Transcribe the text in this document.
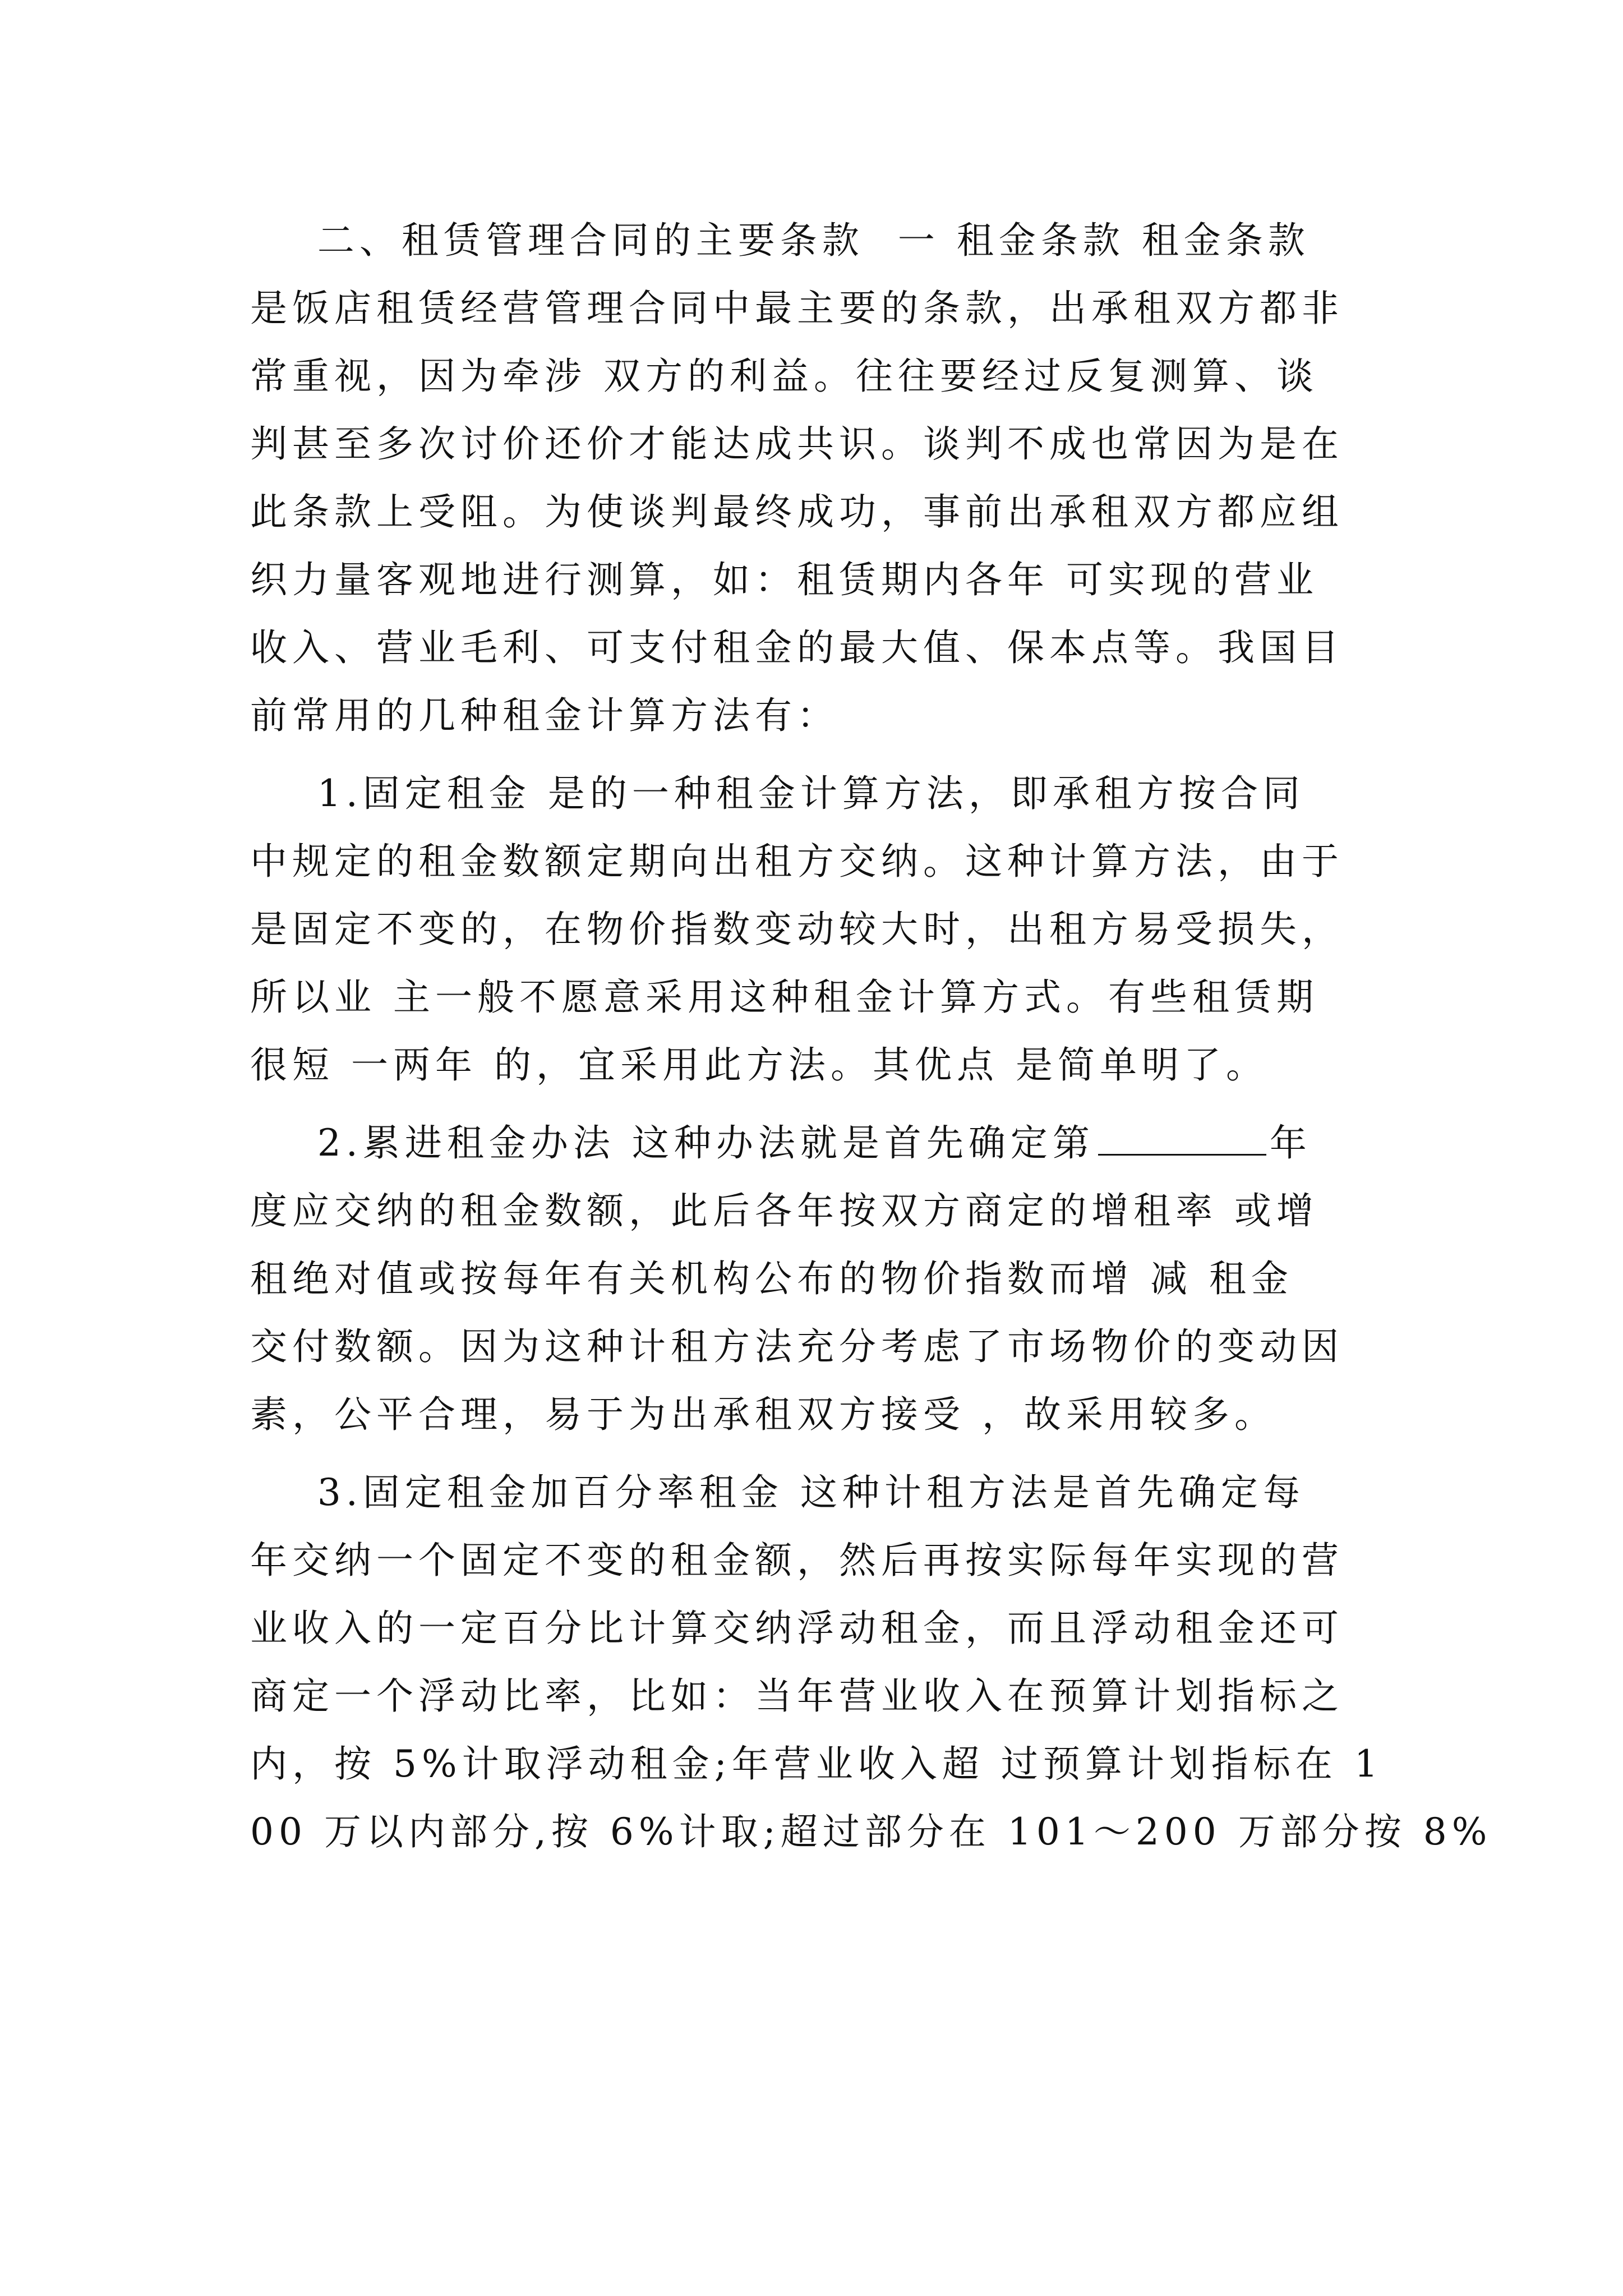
二、租赁管理合同的主要条款  一 租金条款 租金条款
是饭店租赁经营管理合同中最主要的条款，出承租双方都非
常重视，因为牵涉 双方的利益。往往要经过反复测算、谈
判甚至多次讨价还价才能达成共识。谈判不成也常因为是在
此条款上受阻。为使谈判最终成功，事前出承租双方都应组
织力量客观地进行测算，如：租赁期内各年 可实现的营业
收入、营业毛利、可支付租金的最大值、保本点等。我国目
前常用的几种租金计算方法有：
1.固定租金 是的一种租金计算方法，即承租方按合同
中规定的租金数额定期向出租方交纳。这种计算方法，由于
是固定不变的，在物价指数变动较大时，出租方易受损失，
所以业 主一般不愿意采用这种租金计算方式。有些租赁期
很短 一两年 的，宜采用此方法。其优点 是简单明了。
2.累进租金办法 这种办法就是首先确定第	年
度应交纳的租金数额，此后各年按双方商定的增租率 或增
租绝对值或按每年有关机构公布的物价指数而增 减 租金
交付数额。因为这种计租方法充分考虑了市场物价的变动因
素，公平合理，易于为出承租双方接受 ，故采用较多。
3.固定租金加百分率租金 这种计租方法是首先确定每
年交纳一个固定不变的租金额，然后再按实际每年实现的营
业收入的一定百分比计算交纳浮动租金，而且浮动租金还可
商定一个浮动比率，比如：当年营业收入在预算计划指标之
内，按 5%计取浮动租金;年营业收入超 过预算计划指标在 1
00 万以内部分,按 6%计取;超过部分在 101～200 万部分按 8%
